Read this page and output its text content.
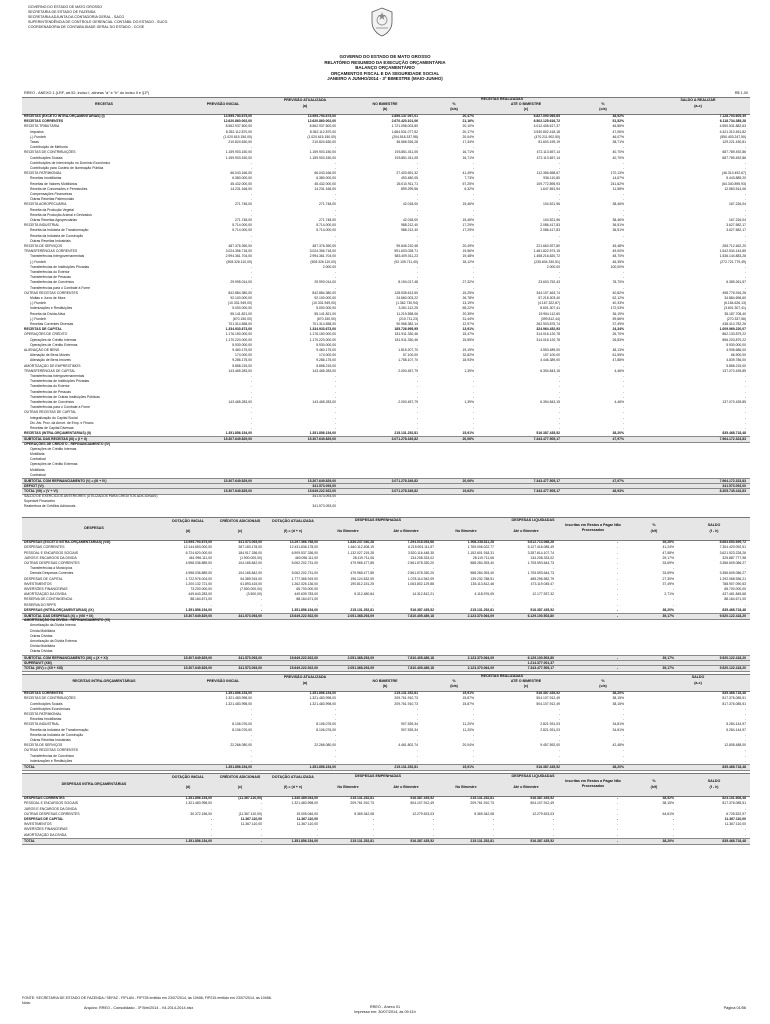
GOVERNO DO ESTADO DE MATO GROSSO
SECRETARIA DE ESTADO DE FAZENDA
SECRETARIA ADJUNTA DA CONTADORIA GERAL - SACG
SUPERINTENDÊNCIA DE CONTROLE GERENCIAL CONTÁBIL DO ESTADO - SUCG
COORDENADORIA DE CONTABILIDADE GERAL DO ESTADO - CCGE
GOVERNO DO ESTADO DE MATO GROSSO
RELATÓRIO RESUMIDO DA EXECUÇÃO ORÇAMENTÁRIA
BALANÇO ORÇAMENTÁRIO
ORÇAMENTOS FISCAL E DA SEGURIDADE SOCIAL
JANEIRO A JUNHO/2014 - 3º BIMESTRE (MAIO-JUNHO)
RREO - ANEXO 1 (LRF, art.52, inciso I, alíneas "a" e "b" do inciso II e §1º)	R$ 1,00
RECEITAS	PREVISÃO INICIAL
PREVISÃO ATUALIZADA
(a)
RECEITAS REALIZADAS
NO BIMESTRE
(b)
%
(b/a)
ATÉ O BIMESTRE
(c)
%
(c/a)
SALDO A REALIZAR
(a-c)
RECEITAS (EXCETO INTRA-ORÇAMENTÁRIAS) (I)	13.955.793.675,00	13.955.793.675,00	2.856.147.097,01	20,47%	6.827.090.069,65	48,92%	7.128.703.605,35
RECEITAS CORRENTES	12.620.860.002,00	12.620.860.002,00	2.670.420.101,06	21,16%	6.502.125.616,72	51,52%	6.118.734.385,28
RECEITA TRIBUTÁRIA	8.562.937.500,00	8.562.937.500,00	1.721.098.003,80	20,10%	4.012.405.617,37	46,86%	4.550.531.882,63
Impostos	8.352.112.870,00	8.352.112.870,00	1.684.531.077,52	20,17%	3.930.802.418,18	47,06%	4.421.310.451,82
(-) Fundeb	(1.020.615.150,00)	(1.020.615.150,00)	(204.518.337,98)	20,04%	(470.211.902,50)	46,07%	(550.403.247,50)
Taxas	210.824.630,00	210.824.630,00	36.566.926,28	17,34%	81.603.199,19	38,71%	129.221.430,81
Contribuição de Melhoria	-	-	-	-	-	-	-
RECEITAS DE CONTRIBUIÇÕES	1.159.903.150,00	1.159.903.150,00	193.851.011,05	16,71%	472.113.657,14	40,70%	687.789.492,86
Contribuições Sociais	1.159.903.150,00	1.159.903.150,00	193.851.011,05	16,71%	472.113.657,14	40,70%	687.789.492,86
Contribuições de Intervenção no Domínio Econômico	-	-	-	-	-	-	-
Contribuição para Custeio de Iluminação Pública	-	-	-	-	-	-	-
RECEITA PATRIMONIAL	66.043.166,00	66.043.166,00	27.403.691,32	41,49%	112.356.658,67	170,13%	(46.313.492,67)
Receitas Imobiliárias	6.380.000,00	6.380.000,00	493.480,05	7,73%	936.110,80	14,67%	5.443.889,20
Receitas de Valores Mobiliários	45.432.000,00	45.432.000,00	26.010.911,71	57,25%	109.772.895,93	241,62%	(64.340.895,93)
Receita de Concessões e Permissões	14.231.166,00	14.231.166,00	899.299,56	6,32%	1.647.651,94	11,58%	12.583.514,06
Compensações Financeiras	-	-	-	-	-	-	-
Outras Receitas Patrimoniais	-	-	-	-	-	-	-
RECEITA AGROPECUÁRIA	271.748,00	271.748,00	42.018,00	15,46%	104.521,96	38,46%	167.226,04
Receita da Produção Vegetal	-	-	-	-	-	-	-
Receita da Produção Animal e Derivados	-	-	-	-	-	-	-
Outras Receitas Agropecuárias	271.748,00	271.748,00	42.018,00	15,46%	104.521,96	38,46%	167.226,04
RECEITA INDUSTRIAL	5.714.000,00	5.714.000,00	988.212,40	17,29%	2.086.417,83	36,51%	3.627.582,17
Receita da Indústria de Transformação	5.714.000,00	5.714.000,00	988.212,40	17,29%	2.086.417,83	36,51%	3.627.582,17
Receita da Indústria de Construção	-	-	-	-	-	-	-
Outras Receitas Industriais	-	-	-	-	-	-	-
RECEITA DE SERVIÇOS	487.376.390,00	487.376.390,00	99.845.210,48	20,49%	221.663.927,80	45,48%	265.712.462,20
TRANSFERÊNCIAS CORRENTES	3.024.356.718,00	3.024.356.718,00	591.603.028,71	19,56%	1.481.822.573,15	49,00%	1.542.534.144,85
Transferências Intergovernamentais	2.994.361.704,00	2.994.361.704,00	583.409.011,23	19,48%	1.458.216.820,72	48,70%	1.536.144.883,28
(-) Fundeb	(508.326.110,00)	(508.326.110,00)	(92.105.711,40)	18,12%	(235.604.330,51)	46,35%	(272.721.779,49)
Transferências de Instituições Privadas	-	2.000,00	-	-	2.000,00	100,00%	-
Transferências do Exterior	-	-	-	-	-	-	-
Transferências de Pessoas	-	-	-	-	-	-	-
Transferências de Convênios	29.995.014,00	29.993.014,00	8.194.017,48	27,32%	23.603.752,43	78,70%	6.389.261,57
Transferências para o Combate à Fome	-	-	-	-	-	-	-
OUTRAS RECEITAS CORRENTES	842.884.380,00	842.884.380,00	128.535.613,50	15,25%	344.107.463,74	40,82%	498.776.916,26
Multas e Juros de Mora	92.100.000,00	92.100.000,00	24.660.003,22	26,78%	57.215.303,40	62,12%	34.884.696,60
(-) Fundeb	(10.331.949,00)	(10.331.949,00)	(1.362.730,94)	13,19%	(4.167.322,87)	40,33%	(6.164.626,13)
Indenizações e Restituições	5.000.000,00	5.000.000,00	3.261.112,25	65,22%	8.601.307,41	172,03%	(3.601.307,41)
Receita da Dívida Ativa	55.141.821,00	55.141.821,00	11.219.558,06	20,35%	19.954.112,60	36,19%	35.187.708,40
(-) Fundeb	(670.150,00)	(670.150,00)	(210.711,23)	31,44%	(399.812,44)	59,66%	(270.337,56)
Receitas Correntes Diversas	701.314.658,00	701.314.658,00	90.968.382,14	12,97%	262.903.875,74	37,49%	438.410.782,26
RECEITAS DE CAPITAL	1.334.933.673,00	1.334.933.673,00	185.726.995,95	13,91%	324.964.452,93	24,34%	1.009.969.220,07
OPERAÇÕES DE CRÉDITO	1.176.150.000,00	1.176.150.000,00	181.911.330,46	15,47%	314.016.120,78	26,70%	862.133.879,22
Operações de Crédito Internas	1.170.220.000,00	1.170.220.000,00	181.911.330,46	15,55%	314.016.120,78	26,83%	856.203.879,22
Operações de Crédito Externas	5.930.000,00	5.930.000,00	-	-	-	-	5.930.000,00
ALIENAÇÃO DE BENS	9.460.175,00	9.460.175,00	1.815.207,70	19,19%	4.553.489,00	48,13%	4.906.686,00
Alienação de Bens Móveis	174.000,00	174.000,00	57.100,00	32,82%	107.100,00	61,55%	66.900,00
Alienação de Bens Imóveis	9.286.175,00	9.286.175,00	1.758.107,70	18,93%	4.446.389,00	47,88%	4.839.786,00
AMORTIZAÇÃO DE EMPRÉSTIMOS	5.858.215,00	5.858.215,00	-	-	-	-	5.858.215,00
TRANSFERÊNCIAS DE CAPITAL	143.465.283,00	143.465.283,00	2.000.457,79	1,39%	6.394.843,15	4,46%	137.070.439,85
Transferências Intergovernamentais	-	-	-	-	-	-	-
Transferências de Instituições Privadas	-	-	-	-	-	-	-
Transferências do Exterior	-	-	-	-	-	-	-
Transferências de Pessoas	-	-	-	-	-	-	-
Transferências de Outras Instituições Públicas	-	-	-	-	-	-	-
Transferências de Convênios	143.465.283,00	143.465.283,00	2.000.457,79	1,39%	6.394.843,15	4,46%	137.070.439,85
Transferências para o Combate à Fome	-	-	-	-	-	-	-
OUTRAS RECEITAS DE CAPITAL	-	-	-	-	-	-	-
Integralização do Capital Social	-	-	-	-	-	-	-
Div. Atv. Prov. da Amort. de Emp. e Financ.	-	-	-	-	-	-	-
Receitas de Capital Diversas	-	-	-	-	-	-	-
RECEITAS (INTRA-ORÇAMENTÁRIAS) (II)	1.351.856.154,00	1.351.856.154,00	215.131.252,81	15,91%	516.387.435,52	38,20%	835.468.718,48
SUBTOTAL DAS RECEITAS (III) = (I + II)	15.307.649.829,00	15.307.649.829,00	3.071.278.349,82	20,06%	7.343.477.505,17	47,97%	7.964.172.323,83
OPERAÇÕES DE CRÉDITO - REFINANCIAMENTO (IV)
Operações de Crédito Internas
Mobiliária
Contratual
Operações de Crédito Externas
Mobiliária
Contratual
SUBTOTAL COM REFINANCIAMENTO (V) = (III + IV)	15.307.649.829,00	15.307.649.829,00	3.071.278.349,82	20,06%	7.343.477.505,17	47,97%	7.964.172.323,83
DÉFICIT (VI)	341.573.093,00	341.573.093,00
TOTAL (VII) = (V + VI)	15.307.649.829,00	15.649.222.922,00	3.071.278.349,82	19,63%	7.343.477.505,17	46,93%	8.305.745.416,83
SALDO DE EXERCÍCIOS ANTERIORES (UTILIZADOS PARA CRÉDITOS ADICIONAIS)	341.573.093,00
Superávit Financeiro	-
Reabertura de Créditos Adicionais	341.573.093,00
DESPESAS
DOTAÇÃO INICIAL
(d)
CRÉDITOS ADICIONAIS
(e)
DOTAÇÃO ATUALIZADA
(f) = (d + e)
DESPESAS EMPENHADAS
No Bimestre	Até o Bimestre
DESPESAS LIQUIDADAS
No Bimestre	Até o Bimestre
Inscritas em Restos a Pagar Não Processados
%
(h/f)
SALDO
(f - h)
DESPESAS (EXCETO INTRA-ORÇAMENTÁRIAS) (VIII)	13.955.793.675,00	341.573.093,00	14.297.366.768,00	1.836.237.040,28	7.294.018.053,66	1.908.238.811,28	5.612.713.068,28	-	39,26%	8.684.653.699,72
DESPESAS CORRENTES	12.144.653.000,00	287.183.178,00	12.431.836.178,00	1.640.112.408,19	6.215.903.111,57	1.769.006.022,77	5.127.416.085,49	-	41,24%	7.304.420.092,51
PESSOAL E ENCARGOS SOCIAIS	6.724.620.000,00	184.917.336,00	6.909.537.336,00	1.132.027.219,28	3.520.116.448,35	1.152.601.918,31	3.287.614.107,74	-	47,58%	3.621.923.228,26
JUROS E ENCARGOS DA DÍVIDA	461.996.111,00	(1.900.000,00)	460.096.111,00	28.119.711,06	134.208.333,02	28.119.711,06	134.208.333,02	-	29,17%	325.887.777,98
OUTRAS DESPESAS CORRENTES	4.958.036.889,00	104.165.842,00	5.062.202.731,00	479.965.477,85	2.561.578.330,20	588.284.393,40	1.705.593.644,73	-	33,69%	3.356.609.086,27
Transferências a Municípios	-	-	-	-	-	-	-	-	-	-
Demais Despesas Correntes	4.958.036.889,00	104.165.842,00	5.062.202.731,00	479.965.477,85	2.561.578.330,20	588.284.393,40	1.705.593.644,73	-	33,69%	3.356.609.086,27
DESPESAS DE CAPITAL	1.722.976.004,00	54.389.915,00	1.777.365.919,00	196.124.632,09	1.078.114.942,09	139.232.788,51	485.296.982,79	-	27,30%	1.292.068.936,21
INVESTIMENTOS	1.200.132.721,00	61.893.415,00	1.262.026.136,00	190.812.151,25	1.063.802.129,88	135.113.812,46	473.119.045,47	-	37,49%	788.907.090,53
INVERSÕES FINANCEIRAS	73.200.000,00	(7.500.000,00)	65.700.000,00	-	-	-	-	-	-	65.700.000,00
AMORTIZAÇÃO DA DÍVIDA	449.643.283,00	(3.500,00)	449.639.783,00	5.312.480,84	14.312.812,21	4.118.976,05	12.177.937,32	-	2,71%	437.461.845,68
RESERVA DE CONTINGÊNCIA	88.164.671,00	-	88.164.671,00	-	-	-	-	-	-	88.164.671,00
RESERVA DO RPPS	-	-	-	-	-	-	-	-	-	-
DESPESAS (INTRA-ORÇAMENTÁRIAS) (IX)	1.351.856.154,00	-	1.351.856.154,00	215.131.252,81	516.387.435,52	215.131.252,81	516.387.435,52	-	38,20%	835.468.718,48
SUBTOTAL DAS DESPESAS (X) = (VIII + IX)	15.307.649.829,00	341.573.093,00	15.649.222.922,00	2.051.368.293,09	7.810.405.489,18	2.123.370.064,09	6.129.100.503,80	-	39,17%	9.520.122.418,20
AMORTIZAÇÃO DA DÍVIDA - REFINANCIAMENTO (XI)
Amortização da Dívida Interna
Dívida Mobiliária
Outras Dívidas
Amortização da Dívida Externa
Dívida Mobiliária
Outras Dívidas
SUBTOTAL COM REFINANCIAMENTO (XII) = (X + XI)	15.307.649.829,00	341.573.093,00	15.649.222.922,00	2.051.368.293,09	7.810.405.489,18	2.123.370.064,09	6.129.100.503,80	-	39,17%	9.520.122.418,20
SUPERÁVIT (XIII)	1.214.377.001,37
TOTAL (XIV) = (XII + XIII)	15.307.649.829,00	341.573.093,00	15.649.222.922,00	2.051.368.293,09	7.810.405.489,18	2.123.370.064,09	7.343.477.505,17	-	39,17%	9.520.122.418,20
RECEITAS INTRA-ORÇAMENTÁRIAS	PREVISÃO INICIAL
PREVISÃO ATUALIZADA
(a)
RECEITAS REALIZADAS
NO BIMESTRE
(b)
%
(b/a)
ATÉ O BIMESTRE
(c)
%
(c/a)
SALDO
(a-c)
RECEITAS CORRENTES	1.351.856.154,00	1.351.856.154,00	215.131.252,81	15,91%	516.387.435,52	38,20%	835.468.718,48
RECEITAS DE CONTRIBUIÇÕES	1.321.483.998,00	1.321.483.998,00	209.761.910,73	15,87%	504.107.912,49	38,15%	817.376.085,51
Contribuições Sociais	1.321.483.998,00	1.321.483.998,00	209.761.910,73	15,87%	504.107.912,49	38,15%	817.376.085,51
Contribuições Econômicas	-	-	-	-	-	-	-
RECEITA PATRIMONIAL	-	-	-	-	-	-	-
Receitas Imobiliárias	-	-	-	-	-	-	-
RECEITA INDUSTRIAL	8.106.076,00	8.106.076,00	907.539,34	11,20%	2.821.931,03	34,81%	5.284.144,97
Receita da Indústria de Transformação	8.106.076,00	8.106.076,00	907.539,34	11,20%	2.821.931,03	34,81%	5.284.144,97
Receita da Indústria de Construção	-	-	-	-	-	-	-
Outras Receitas Industriais	-	-	-	-	-	-	-
RECEITA DE SERVIÇOS	22.266.080,00	22.266.080,00	4.461.802,74	20,04%	9.457.592,00	42,48%	12.808.488,00
OUTRAS RECEITAS CORRENTES	-	-	-	-	-	-	-
Transferências de Convênios	-	-	-	-	-	-	-
Indenizações e Restituições	-	-	-	-	-	-	-
TOTAL	1.351.856.154,00	1.351.856.154,00	215.131.252,81	15,91%	516.387.435,52	38,20%	835.468.718,48
DESPESAS INTRA-ORÇAMENTÁRIAS
DOTAÇÃO INICIAL
(d)
CRÉDITOS ADICIONAIS
(e)
DOTAÇÃO ATUALIZADA
(f) = (d + e)
DESPESAS EMPENHADAS
No Bimestre	Até o Bimestre
DESPESAS LIQUIDADAS
No Bimestre	Até o Bimestre
Inscritas em Restos a Pagar Não Processados
%
(h/f)
SALDO
(f - h)
DESPESAS CORRENTES	1.351.856.154,00	(11.367.110,00)	1.340.489.044,00	215.131.252,81	516.387.435,52	215.131.252,81	516.387.435,52	-	38,52%	824.101.608,48
PESSOAL E ENCARGOS SOCIAIS	1.321.483.998,00	-	1.321.483.998,00	209.761.910,73	504.107.912,49	209.761.910,73	504.107.912,49	-	38,15%	817.376.085,51
JUROS E ENCARGOS DA DÍVIDA	-	-	-	-	-	-	-	-	-	-
OUTRAS DESPESAS CORRENTES	30.372.156,00	(11.367.110,00)	19.005.046,00	5.369.342,08	12.279.523,03	5.369.342,08	12.279.523,03	-	64,61%	6.725.522,97
DESPESAS DE CAPITAL	-	11.367.110,00	11.367.110,00	-	-	-	-	-	-	11.367.110,00
INVESTIMENTOS	-	11.367.110,00	11.367.110,00	-	-	-	-	-	-	11.367.110,00
INVERSÕES FINANCEIRAS	-	-	-	-	-	-	-	-	-	-
AMORTIZAÇÃO DA DÍVIDA	-	-	-	-	-	-	-	-	-	-
TOTAL	1.351.856.154,00	-	1.351.856.154,00	215.131.252,81	516.387.435,52	215.131.252,81	516.387.435,52	-	38,20%	835.468.718,48
FONTE: SECRETARIA DE ESTADO DE FAZENDA / SEFAZ - FIPLAN - FIP728 emitido em 23/07/2014, às 10h56; FIP215 emitido em 23/07/2014, às 10h58.
Nota:
Arquivo: RREO - Consolidado - 3º Bim/2014 - V4.2014-2014.xlsx	RREO - Anexo 01
Impresso em: 30/07/2014, às 09:11h
Página 01/56
